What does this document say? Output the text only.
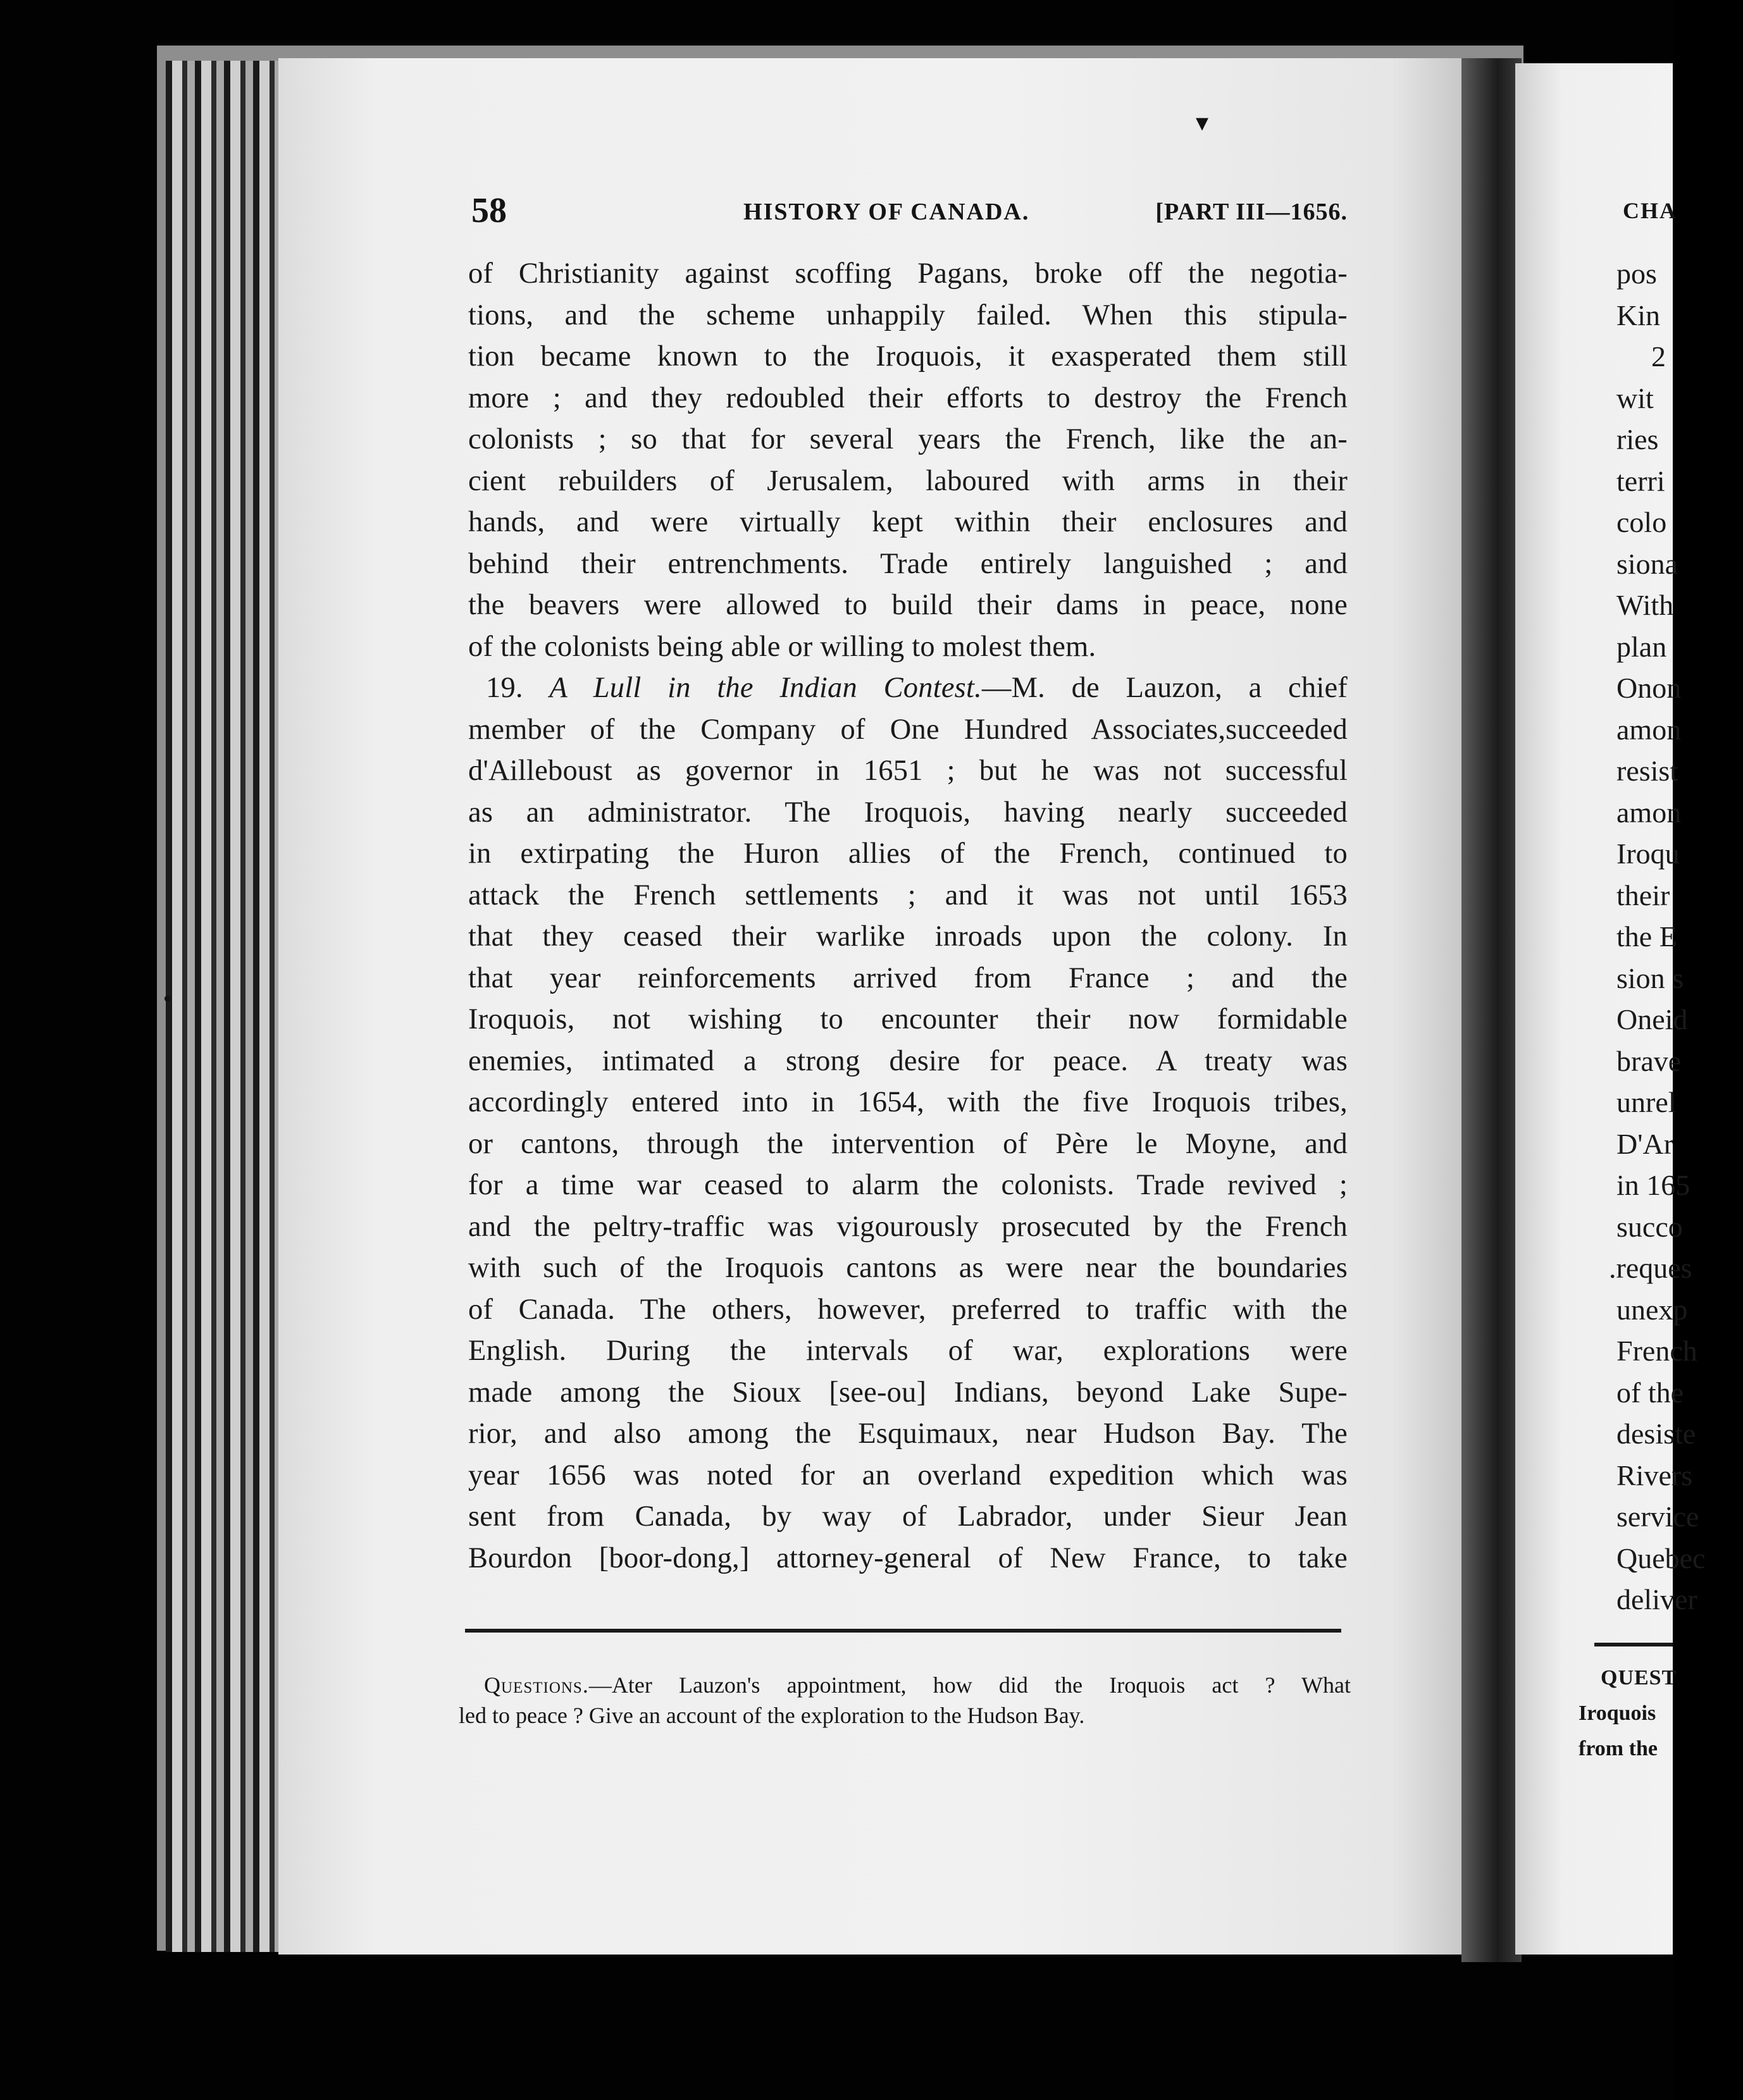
▾
●
58	HISTORY OF CANADA.	[PART III—1656.
of Christianity against scoffing Pagans, broke off the negotia-
tions, and the scheme unhappily failed. When this stipula-
tion became known to the Iroquois, it exasperated them still
more ; and they redoubled their efforts to destroy the French
colonists ; so that for several years the French, like the an-
cient rebuilders of Jerusalem, laboured with arms in their
hands, and were virtually kept within their enclosures and
behind their entrenchments. Trade entirely languished ; and
the beavers were allowed to build their dams in peace, none
of the colonists being able or willing to molest them.
19. A Lull in the Indian Contest.—M. de Lauzon, a chief
member of the Company of One Hundred Associates,succeeded
d'Ailleboust as governor in 1651 ; but he was not successful
as an administrator. The Iroquois, having nearly succeeded
in extirpating the Huron allies of the French, continued to
attack the French settlements ; and it was not until 1653
that they ceased their warlike inroads upon the colony. In
that year reinforcements arrived from France ; and the
Iroquois, not wishing to encounter their now formidable
enemies, intimated a strong desire for peace. A treaty was
accordingly entered into in 1654, with the five Iroquois tribes,
or cantons, through the intervention of Père le Moyne, and
for a time war ceased to alarm the colonists. Trade revived ;
and the peltry-traffic was vigourously prosecuted by the French
with such of the Iroquois cantons as were near the boundaries
of Canada. The others, however, preferred to traffic with the
English. During the intervals of war, explorations were
made among the Sioux [see-ou] Indians, beyond Lake Supe-
rior, and also among the Esquimaux, near Hudson Bay. The
year 1656 was noted for an overland expedition which was
sent from Canada, by way of Labrador, under Sieur Jean
Bourdon [boor-dong,] attorney-general of New France, to take
Questions.—Ater Lauzon's appointment, how did the Iroquois act ? What
led to peace ? Give an account of the exploration to the Hudson Bay.
CHA
pos
Kin
2
wit
ries
terri
colo
siona
With
plan
Onon
amon
resist
amon
Iroqu
their
the E
sion s
Oneid
brave
unrel
D'Ar
in 165
succo
.reques
unexp
French
of the
desiste
Rivers
service
Quebec
deliver
QUEST
Iroquois
from the
